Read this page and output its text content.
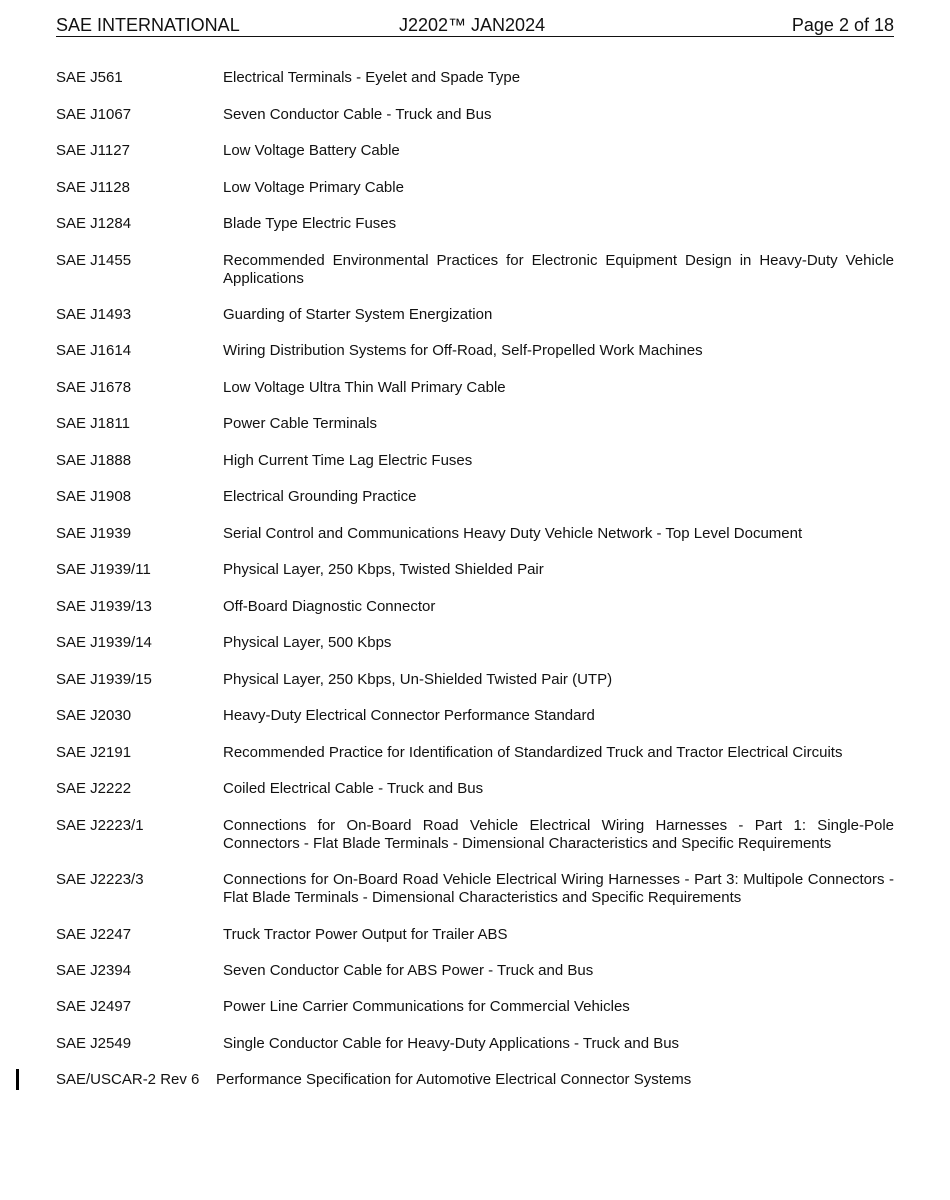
SAE INTERNATIONAL	J2202™ JAN2024	Page 2 of 18
SAE J561	Electrical Terminals - Eyelet and Spade Type
SAE J1067	Seven Conductor Cable - Truck and Bus
SAE J1127	Low Voltage Battery Cable
SAE J1128	Low Voltage Primary Cable
SAE J1284	Blade Type Electric Fuses
SAE J1455	Recommended Environmental Practices for Electronic Equipment Design in Heavy-Duty Vehicle Applications
SAE J1493	Guarding of Starter System Energization
SAE J1614	Wiring Distribution Systems for Off-Road, Self-Propelled Work Machines
SAE J1678	Low Voltage Ultra Thin Wall Primary Cable
SAE J1811	Power Cable Terminals
SAE J1888	High Current Time Lag Electric Fuses
SAE J1908	Electrical Grounding Practice
SAE J1939	Serial Control and Communications Heavy Duty Vehicle Network - Top Level Document
SAE J1939/11	Physical Layer, 250 Kbps, Twisted Shielded Pair
SAE J1939/13	Off-Board Diagnostic Connector
SAE J1939/14	Physical Layer, 500 Kbps
SAE J1939/15	Physical Layer, 250 Kbps, Un-Shielded Twisted Pair (UTP)
SAE J2030	Heavy-Duty Electrical Connector Performance Standard
SAE J2191	Recommended Practice for Identification of Standardized Truck and Tractor Electrical Circuits
SAE J2222	Coiled Electrical Cable - Truck and Bus
SAE J2223/1	Connections for On-Board Road Vehicle Electrical Wiring Harnesses - Part 1: Single-Pole Connectors - Flat Blade Terminals - Dimensional Characteristics and Specific Requirements
SAE J2223/3	Connections for On-Board Road Vehicle Electrical Wiring Harnesses - Part 3: Multipole Connectors - Flat Blade Terminals - Dimensional Characteristics and Specific Requirements
SAE J2247	Truck Tractor Power Output for Trailer ABS
SAE J2394	Seven Conductor Cable for ABS Power - Truck and Bus
SAE J2497	Power Line Carrier Communications for Commercial Vehicles
SAE J2549	Single Conductor Cable for Heavy-Duty Applications - Truck and Bus
SAE/USCAR-2 Rev 6 Performance Specification for Automotive Electrical Connector Systems
